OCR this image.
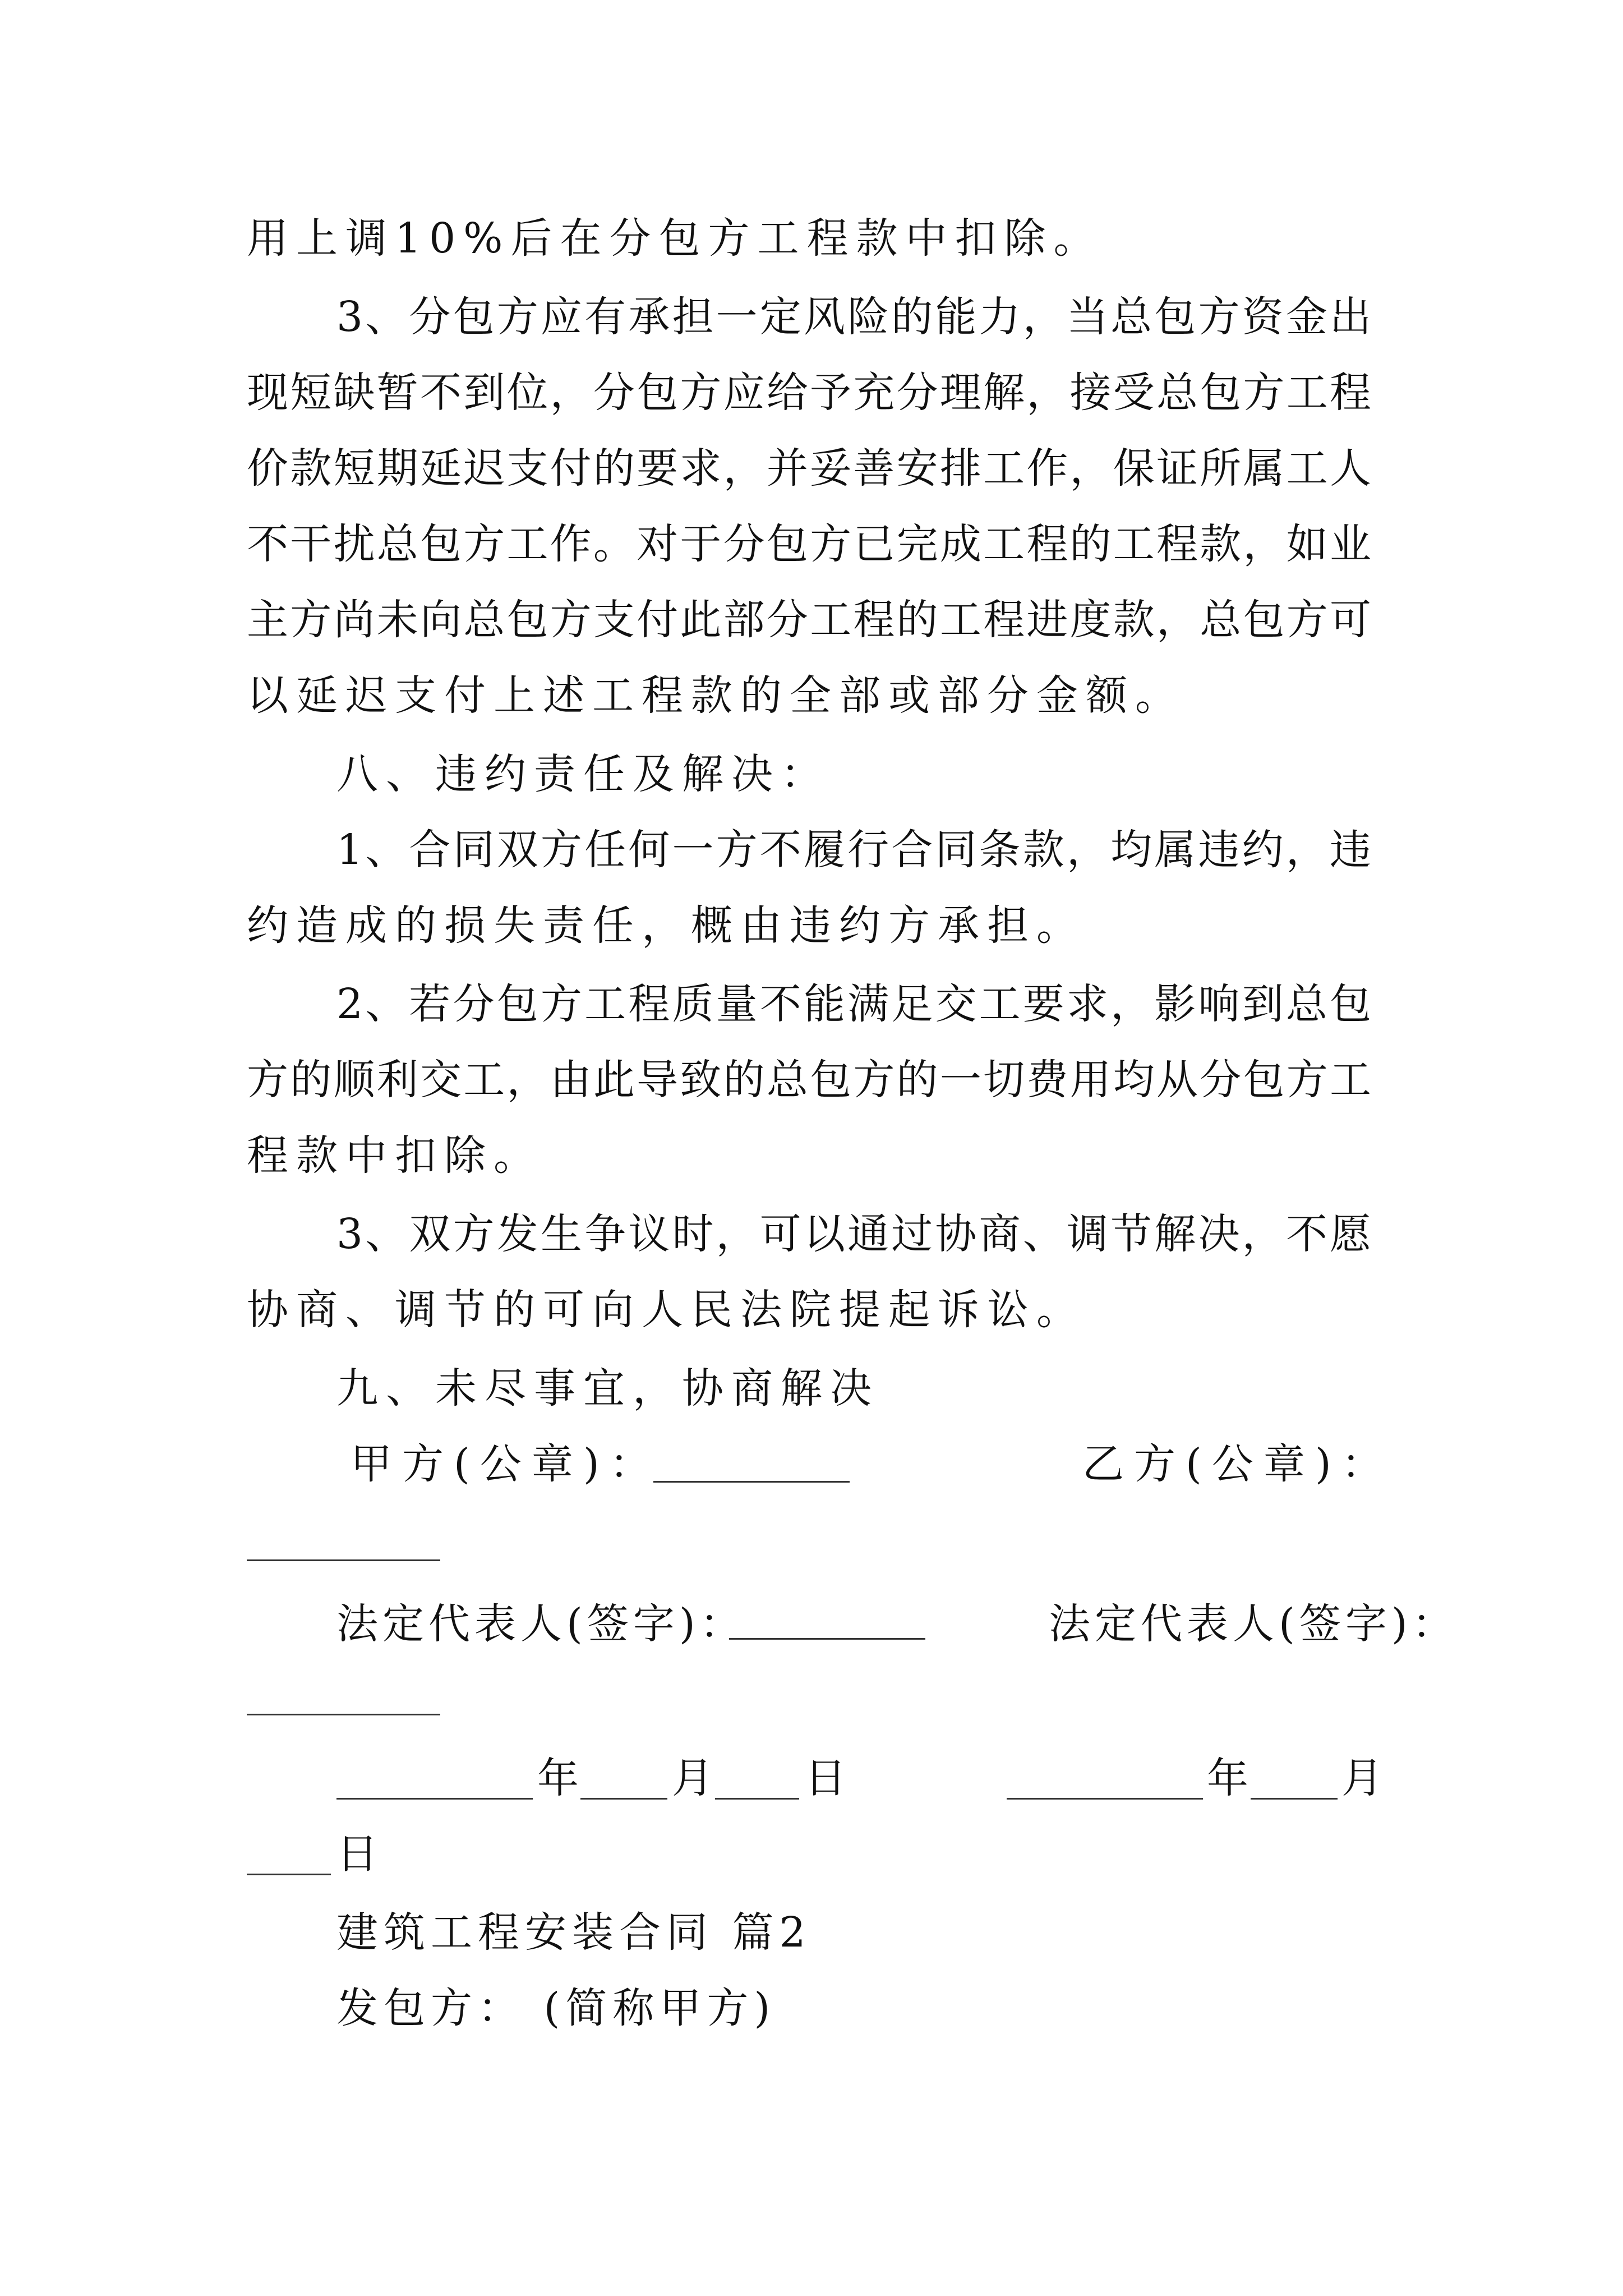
用上调10%后在分包方工程款中扣除。
3、分包方应有承担一定风险的能力，当总包方资金出
现短缺暂不到位，分包方应给予充分理解，接受总包方工程
价款短期延迟支付的要求，并妥善安排工作，保证所属工人
不干扰总包方工作。对于分包方已完成工程的工程款，如业
主方尚未向总包方支付此部分工程的工程进度款，总包方可
以延迟支付上述工程款的全部或部分金额。
八、违约责任及解决：
1、合同双方任何一方不履行合同条款，均属违约，违
约造成的损失责任，概由违约方承担。
2、若分包方工程质量不能满足交工要求，影响到总包
方的顺利交工，由此导致的总包方的一切费用均从分包方工
程款中扣除。
3、双方发生争议时，可以通过协商、调节解决，不愿
协商、调节的可向人民法院提起诉讼。
九、未尽事宜，协商解决
甲方(公章)：	乙方(公章)：
法定代表人(签字)：	法定代表人(签字)：
年 月 日	年 月
日
建筑工程安装合同 篇2
发包方： (简称甲方)
